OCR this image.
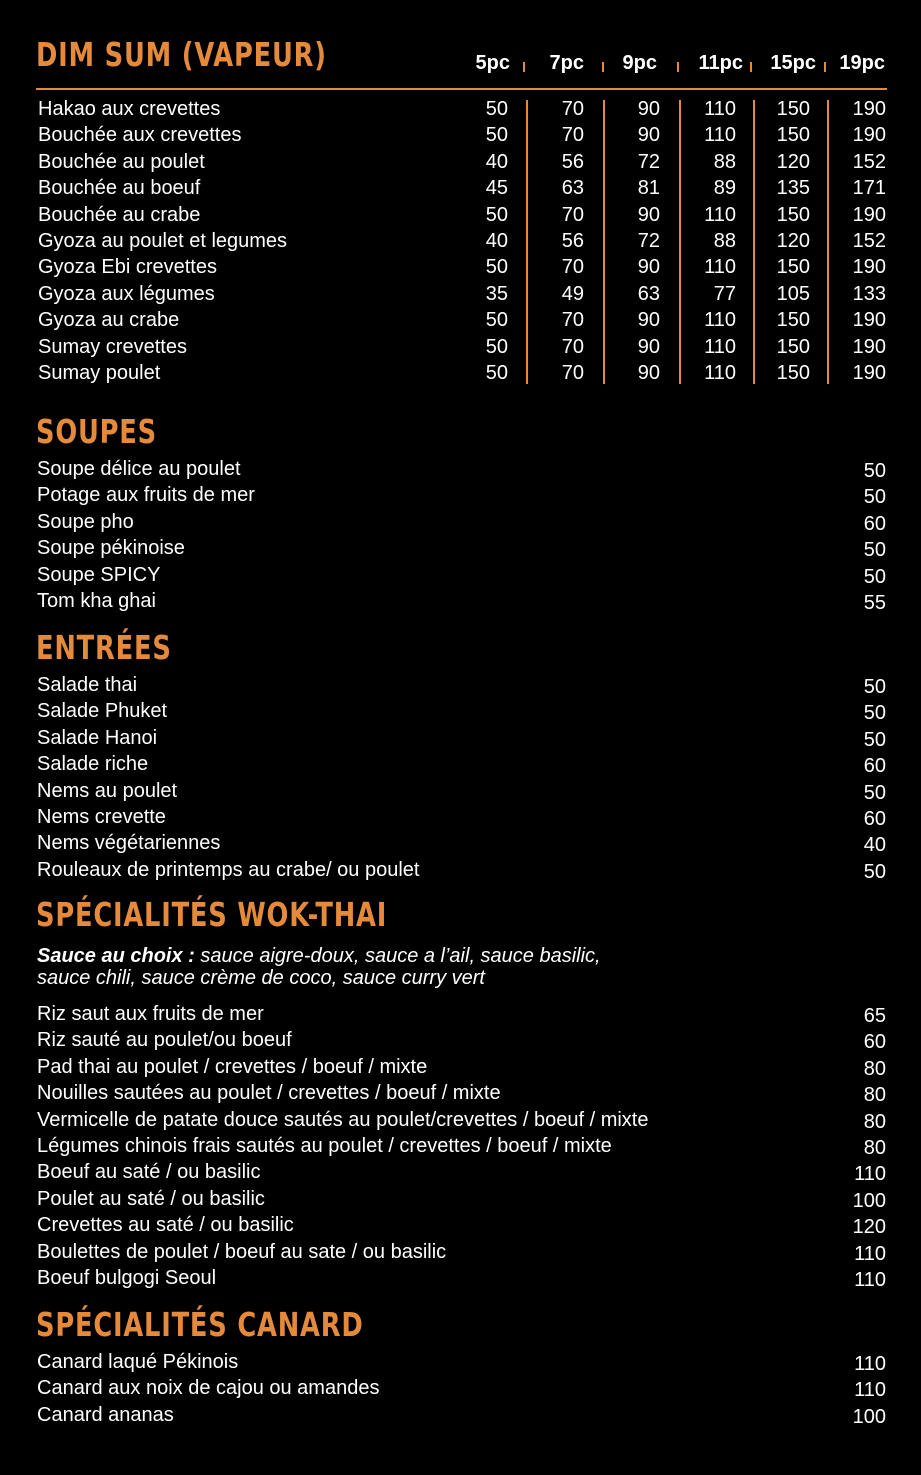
DIM SUM (VAPEUR)	5pc	7pc	9pc	11pc	15pc	19pc
Hakao aux crevettes	50	70	90	110	150	190
Bouchée aux crevettes	50	70	90	110	150	190
Bouchée au poulet	40	56	72	88	120	152
Bouchée au boeuf	45	63	81	89	135	171
Bouchée au crabe	50	70	90	110	150	190
Gyoza au poulet et legumes	40	56	72	88	120	152
Gyoza Ebi crevettes	50	70	90	110	150	190
Gyoza aux légumes	35	49	63	77	105	133
Gyoza au crabe	50	70	90	110	150	190
Sumay crevettes	50	70	90	110	150	190
Sumay poulet	50	70	90	110	150	190
SOUPES
Soupe délice au poulet	50
Potage aux fruits de mer	50
Soupe pho	60
Soupe pékinoise	50
Soupe SPICY	50
Tom kha ghai	55
ENTRÉES
Salade thai	50
Salade Phuket	50
Salade Hanoi	50
Salade riche	60
Nems au poulet	50
Nems crevette	60
Nems végétariennes	40
Rouleaux de printemps au crabe/ ou poulet	50
SPÉCIALITÉS WOK-THAI
Sauce au choix : sauce aigre-doux, sauce a l’ail, sauce basilic,
sauce chili, sauce crème de coco, sauce curry vert
Riz saut aux fruits de mer	65
Riz sauté au poulet/ou boeuf	60
Pad thai au poulet / crevettes / boeuf / mixte	80
Nouilles sautées au poulet / crevettes / boeuf / mixte	80
Vermicelle de patate douce sautés au poulet/crevettes / boeuf / mixte	80
Légumes chinois frais sautés au poulet / crevettes / boeuf / mixte	80
Boeuf au saté / ou basilic	110
Poulet au saté / ou basilic	100
Crevettes au saté / ou basilic	120
Boulettes de poulet / boeuf au sate / ou basilic	110
Boeuf bulgogi Seoul	110
SPÉCIALITÉS CANARD
Canard laqué Pékinois	110
Canard aux noix de cajou ou amandes	110
Canard ananas	100
